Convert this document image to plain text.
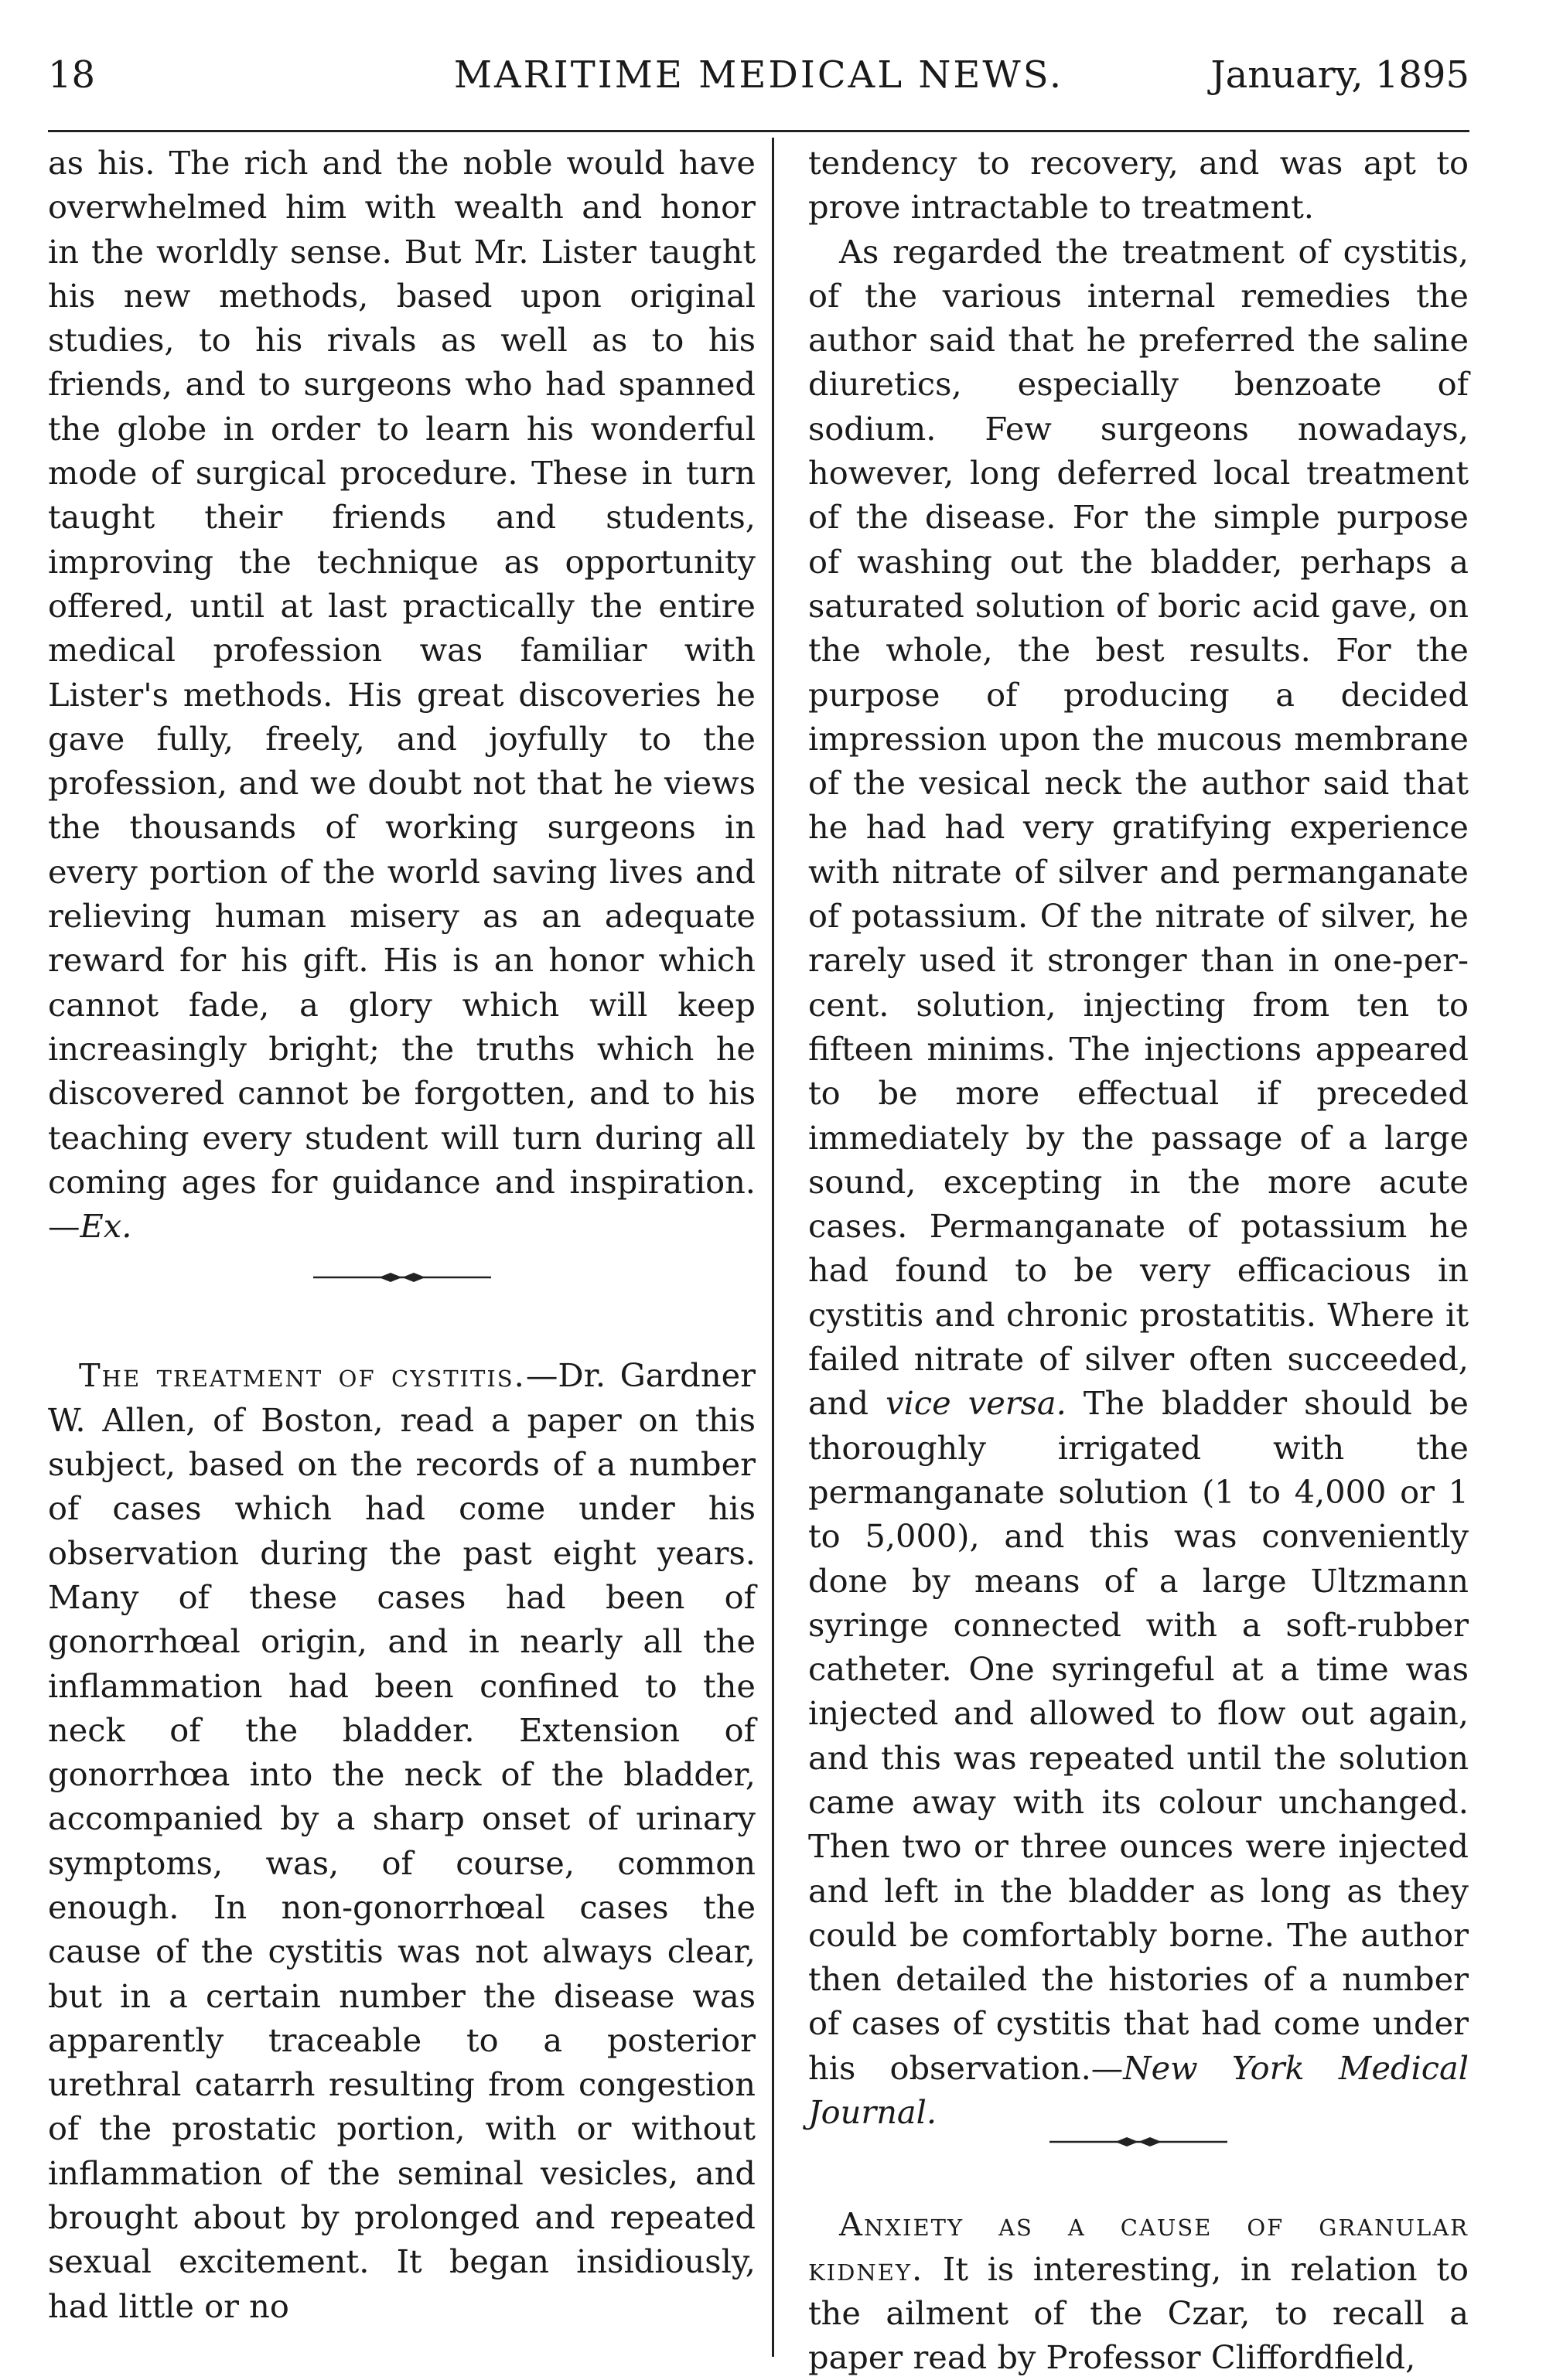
18	MARITIME MEDICAL NEWS.	January, 1895

as his. The rich and the noble would have overwhelmed him with wealth and honor in the worldly sense. But Mr. Lister taught his new methods, based upon original studies, to his rivals as well as to his friends, and to surgeons who had spanned the globe in order to learn his wonderful mode of surgical procedure. These in turn taught their friends and students, improving the technique as opportunity offered, until at last practically the entire medical profession was familiar with Lister's methods. His great discoveries he gave fully, freely, and joyfully to the profession, and we doubt not that he views the thousands of working surgeons in every portion of the world saving lives and relieving human misery as an adequate reward for his gift. His is an honor which cannot fade, a glory which will keep increasingly bright; the truths which he discovered cannot be forgotten, and to his teaching every student will turn during all coming ages for guidance and inspiration.—Ex.

The treatment of cystitis.—Dr. Gardner W. Allen, of Boston, read a paper on this subject, based on the records of a number of cases which had come under his observation during the past eight years. Many of these cases had been of gonorrhœal origin, and in nearly all the inflammation had been confined to the neck of the bladder. Extension of gonorrhœa into the neck of the bladder, accompanied by a sharp onset of urinary symptoms, was, of course, common enough. In non-gonorrhœal cases the cause of the cystitis was not always clear, but in a certain number the disease was apparently traceable to a posterior urethral catarrh resulting from congestion of the prostatic portion, with or without inflammation of the seminal vesicles, and brought about by prolonged and repeated sexual excitement. It began insidiously, had little or no

tendency to recovery, and was apt to prove intractable to treatment.

As regarded the treatment of cystitis, of the various internal remedies the author said that he preferred the saline diuretics, especially benzoate of sodium. Few surgeons nowadays, however, long deferred local treatment of the disease. For the simple purpose of washing out the bladder, perhaps a saturated solution of boric acid gave, on the whole, the best results. For the purpose of producing a decided impression upon the mucous membrane of the vesical neck the author said that he had had very gratifying experience with nitrate of silver and permanganate of potassium. Of the nitrate of silver, he rarely used it stronger than in one-per-cent. solution, injecting from ten to fifteen minims. The injections appeared to be more effectual if preceded immediately by the passage of a large sound, excepting in the more acute cases. Permanganate of potassium he had found to be very efficacious in cystitis and chronic prostatitis. Where it failed nitrate of silver often succeeded, and vice versa. The bladder should be thoroughly irrigated with the permanganate solution (1 to 4,000 or 1 to 5,000), and this was conveniently done by means of a large Ultzmann syringe connected with a soft-rubber catheter. One syringeful at a time was injected and allowed to flow out again, and this was repeated until the solution came away with its colour unchanged. Then two or three ounces were injected and left in the bladder as long as they could be comfortably borne. The author then detailed the histories of a number of cases of cystitis that had come under his observation.—New York Medical Journal.

Anxiety as a cause of granular kidney. It is interesting, in relation to the ailment of the Czar, to recall a paper read by Professor Cliffordfield,
